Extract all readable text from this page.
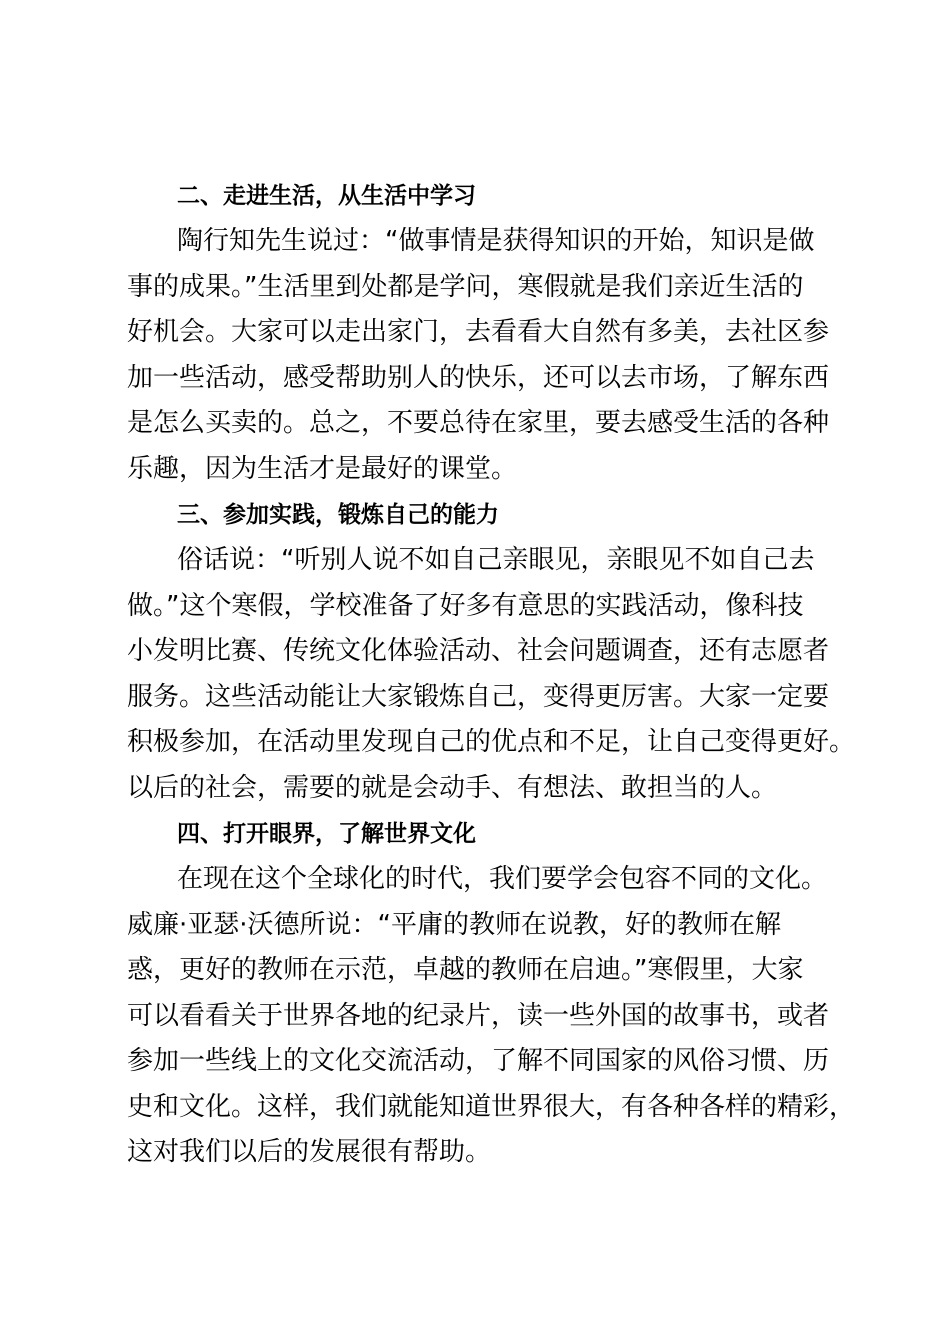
二、走进生活，从生活中学习

陶行知先生说过：“做事情是获得知识的开始，知识是做
事的成果。”生活里到处都是学问，寒假就是我们亲近生活的
好机会。大家可以走出家门，去看看大自然有多美，去社区参
加一些活动，感受帮助别人的快乐，还可以去市场，了解东西
是怎么买卖的。总之，不要总待在家里，要去感受生活的各种
乐趣，因为生活才是最好的课堂。

三、参加实践，锻炼自己的能力

俗话说：“听别人说不如自己亲眼见，亲眼见不如自己去
做。”这个寒假，学校准备了好多有意思的实践活动，像科技
小发明比赛、传统文化体验活动、社会问题调查，还有志愿者
服务。这些活动能让大家锻炼自己，变得更厉害。大家一定要
积极参加，在活动里发现自己的优点和不足，让自己变得更好。
以后的社会，需要的就是会动手、有想法、敢担当的人。

四、打开眼界，了解世界文化

在现在这个全球化的时代，我们要学会包容不同的文化。
威廉·亚瑟·沃德所说：“平庸的教师在说教，好的教师在解
惑，更好的教师在示范，卓越的教师在启迪。”寒假里，大家
可以看看关于世界各地的纪录片，读一些外国的故事书，或者
参加一些线上的文化交流活动，了解不同国家的风俗习惯、历
史和文化。这样，我们就能知道世界很大，有各种各样的精彩，
这对我们以后的发展很有帮助。
